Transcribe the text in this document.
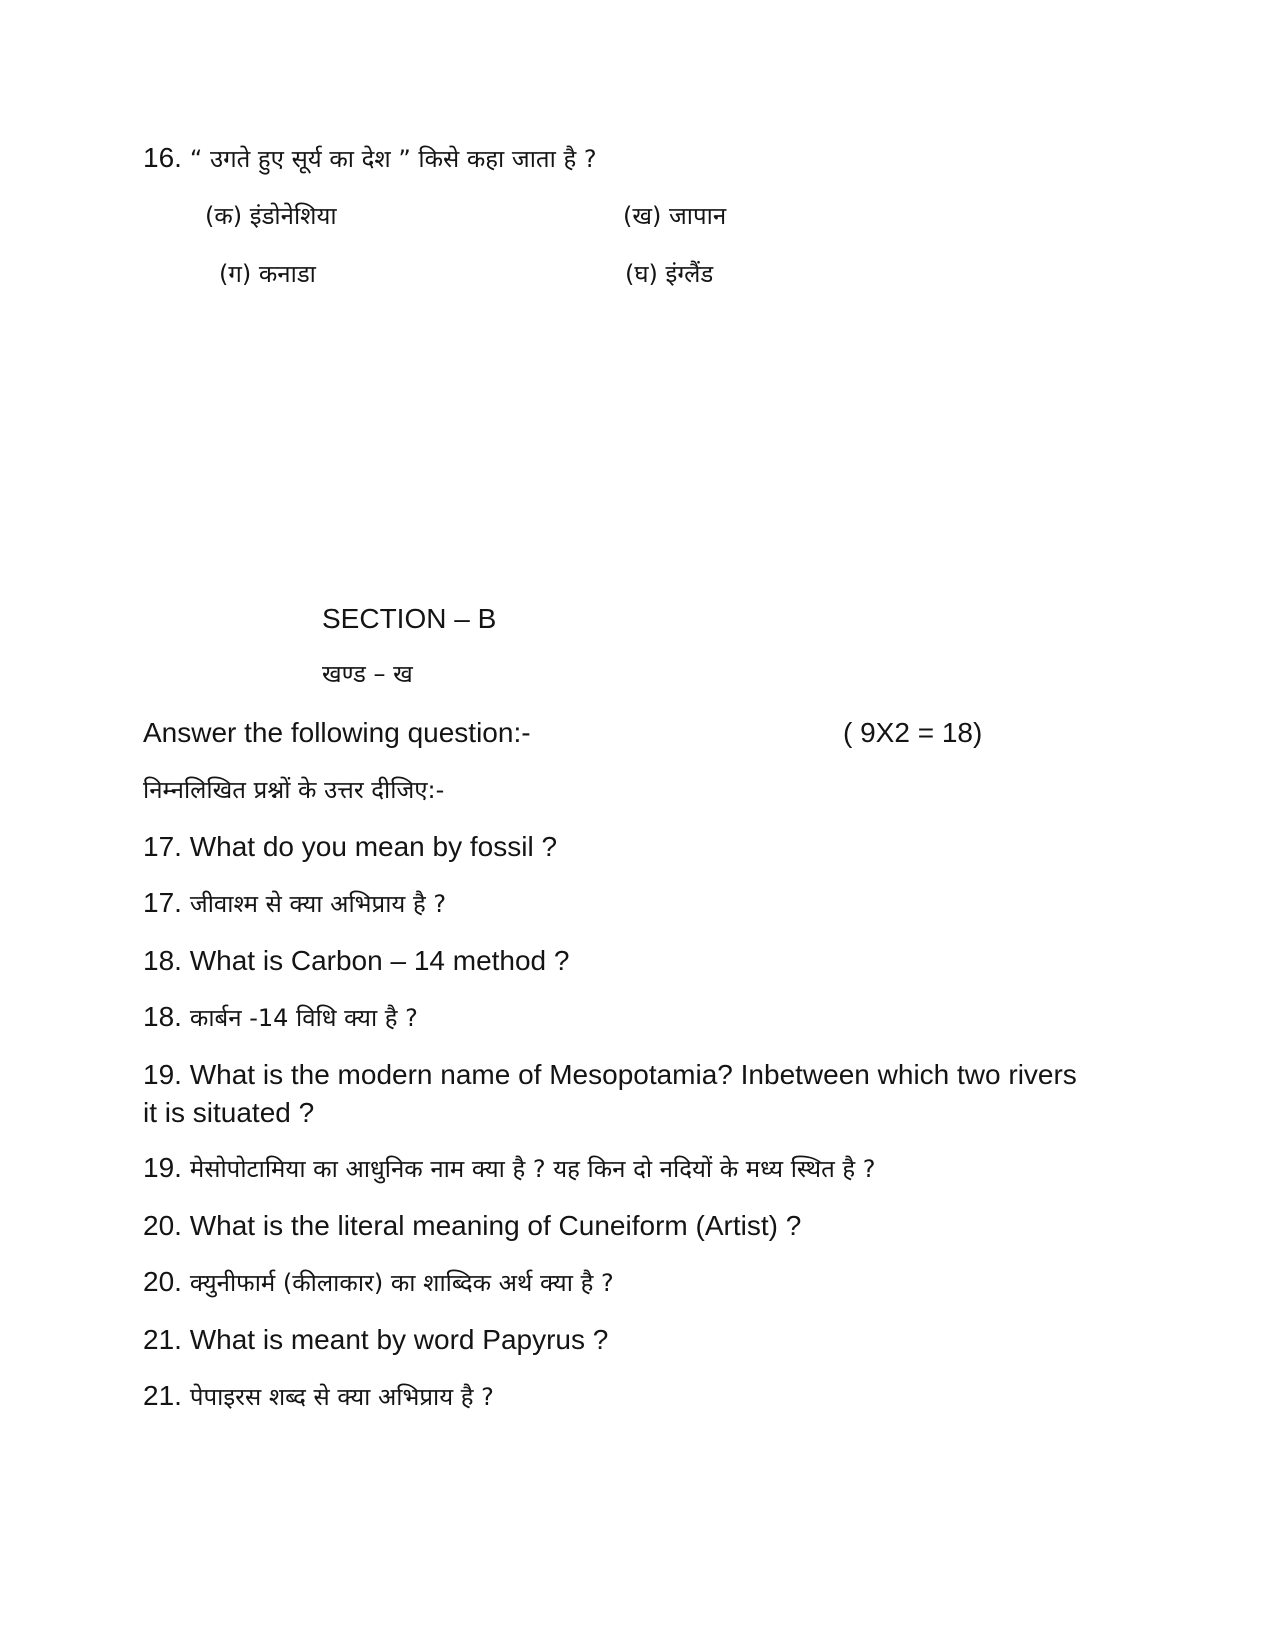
16. “ उगते हुए सूर्य का देश ” किसे कहा जाता है ?
(क) इंडोनेशिया	(ख) जापान
(ग) कनाडा	(घ) इंग्लैंड
SECTION – B
खण्ड – ख
Answer the following question:-	( 9X2 = 18)
निम्नलिखित प्रश्नों के उत्तर दीजिए:-
17. What do you mean by fossil ?
17. जीवाश्म से क्या अभिप्राय है ?
18. What is Carbon – 14 method ?
18. कार्बन -14 विधि क्या है ?
19. What is the modern name of Mesopotamia? Inbetween which two rivers it is situated ?
19. मेसोपोटामिया का आधुनिक नाम क्या है ? यह किन दो नदियों के मध्य स्थित है ?
20. What is the literal meaning of Cuneiform (Artist) ?
20. क्युनीफार्म (कीलाकार) का शाब्दिक अर्थ क्या है ?
21. What is meant by word Papyrus ?
21. पेपाइरस शब्द से क्या अभिप्राय है ?
